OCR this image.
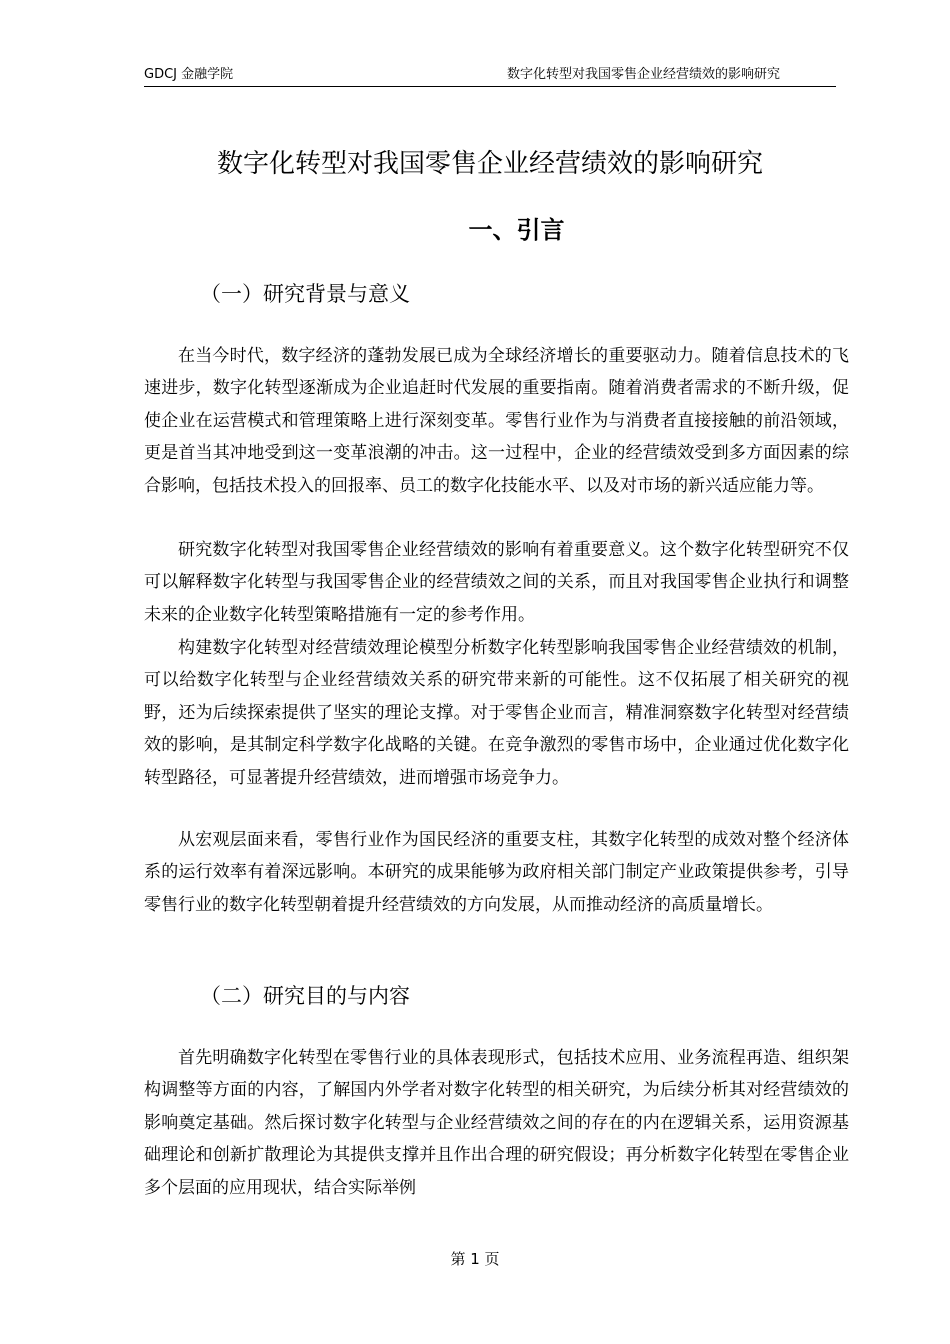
GDCJ 金融学院	数字化转型对我国零售企业经营绩效的影响研究
数字化转型对我国零售企业经营绩效的影响研究
一、引言
（一）研究背景与意义

在当今时代，数字经济的蓬勃发展已成为全球经济增长的重要驱动力。随着信息技术的飞速进步，数字化转型逐渐成为企业追赶时代发展的重要指南。随着消费者需求的不断升级，促使企业在运营模式和管理策略上进行深刻变革。零售行业作为与消费者直接接触的前沿领域，更是首当其冲地受到这一变革浪潮的冲击。这一过程中，企业的经营绩效受到多方面因素的综合影响，包括技术投入的回报率、员工的数字化技能水平、以及对市场的新兴适应能力等。

研究数字化转型对我国零售企业经营绩效的影响有着重要意义。这个数字化转型研究不仅可以解释数字化转型与我国零售企业的经营绩效之间的关系，而且对我国零售企业执行和调整未来的企业数字化转型策略措施有一定的参考作用。

构建数字化转型对经营绩效理论模型分析数字化转型影响我国零售企业经营绩效的机制，可以给数字化转型与企业经营绩效关系的研究带来新的可能性。这不仅拓展了相关研究的视野，还为后续探索提供了坚实的理论支撑。对于零售企业而言，精准洞察数字化转型对经营绩效的影响，是其制定科学数字化战略的关键。在竞争激烈的零售市场中，企业通过优化数字化转型路径，可显著提升经营绩效，进而增强市场竞争力。

从宏观层面来看，零售行业作为国民经济的重要支柱，其数字化转型的成效对整个经济体系的运行效率有着深远影响。本研究的成果能够为政府相关部门制定产业政策提供参考，引导零售行业的数字化转型朝着提升经营绩效的方向发展，从而推动经济的高质量增长。

（二）研究目的与内容

首先明确数字化转型在零售行业的具体表现形式，包括技术应用、业务流程再造、组织架构调整等方面的内容，了解国内外学者对数字化转型的相关研究，为后续分析其对经营绩效的影响奠定基础。然后探讨数字化转型与企业经营绩效之间的存在的内在逻辑关系，运用资源基础理论和创新扩散理论为其提供支撑并且作出合理的研究假设；再分析数字化转型在零售企业多个层面的应用现状，结合实际举例

第 1 页
